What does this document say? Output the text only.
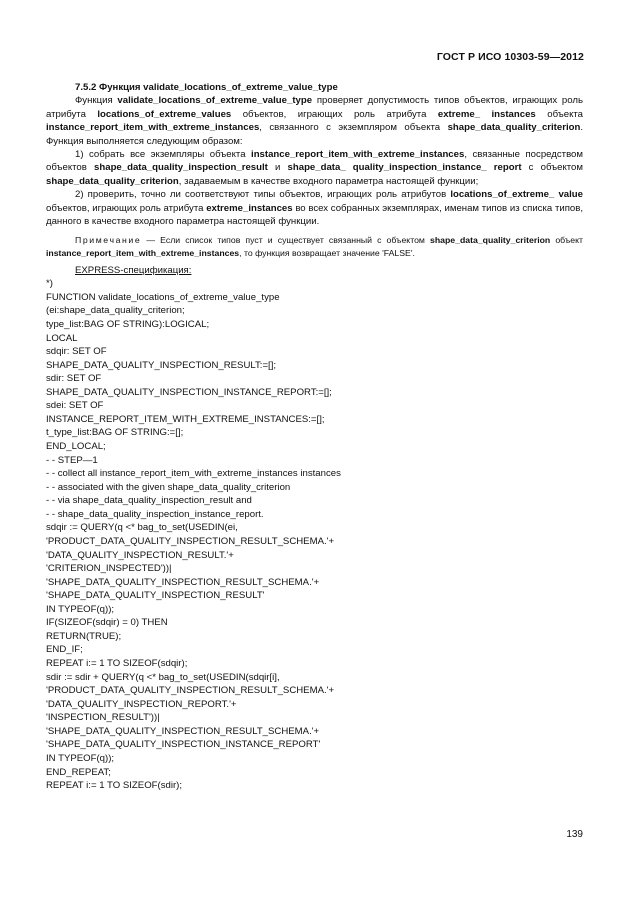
ГОСТ Р ИСО 10303-59—2012

7.5.2 Функция validate_locations_of_extreme_value_type

Функция validate_locations_of_extreme_value_type проверяет допустимость типов объектов, играющих роль атрибута locations_of_extreme_values объектов, играющих роль атрибута extreme_ instances объекта instance_report_item_with_extreme_instances, связанного с экземпляром объекта shape_data_quality_criterion. Функция выполняется следующим образом:

1) собрать все экземпляры объекта instance_report_item_with_extreme_instances, связанные посредством объектов shape_data_quality_inspection_result и shape_data_ quality_inspection_instance_ report с объектом shape_data_quality_criterion, задаваемым в качестве входного параметра настоящей функции;

2) проверить, точно ли соответствуют типы объектов, играющих роль атрибутов locations_of_extreme_ value объектов, играющих роль атрибута extreme_instances во всех собранных экземплярах, именам типов из списка типов, данного в качестве входного параметра настоящей функции.

Примечание — Если список типов пуст и существует связанный с объектом shape_data_quality_criterion объект instance_report_item_with_extreme_instances, то функция возвращает значение 'FALSE'.

EXPRESS-спецификация:

*)
FUNCTION validate_locations_of_extreme_value_type
(ei:shape_data_quality_criterion;
type_list:BAG OF STRING):LOGICAL;
LOCAL
sdqir: SET OF
SHAPE_DATA_QUALITY_INSPECTION_RESULT:=[];
sdir: SET OF
SHAPE_DATA_QUALITY_INSPECTION_INSTANCE_REPORT:=[];
sdei: SET OF
INSTANCE_REPORT_ITEM_WITH_EXTREME_INSTANCES:=[];
t_type_list:BAG OF STRING:=[];
END_LOCAL;
- - STEP—1
- - collect all instance_report_item_with_extreme_instances instances
- - associated with the given shape_data_quality_criterion
- - via shape_data_quality_inspection_result and
- - shape_data_quality_inspection_instance_report.
sdqir := QUERY(q <* bag_to_set(USEDIN(ei,
'PRODUCT_DATA_QUALITY_INSPECTION_RESULT_SCHEMA.'+
'DATA_QUALITY_INSPECTION_RESULT.'+
'CRITERION_INSPECTED'))|
'SHAPE_DATA_QUALITY_INSPECTION_RESULT_SCHEMA.'+
'SHAPE_DATA_QUALITY_INSPECTION_RESULT'
IN TYPEOF(q));
IF(SIZEOF(sdqir) = 0) THEN
RETURN(TRUE);
END_IF;
REPEAT i:= 1 TO SIZEOF(sdqir);
sdir := sdir + QUERY(q <* bag_to_set(USEDIN(sdqir[i],
'PRODUCT_DATA_QUALITY_INSPECTION_RESULT_SCHEMA.'+
'DATA_QUALITY_INSPECTION_REPORT.'+
'INSPECTION_RESULT'))|
'SHAPE_DATA_QUALITY_INSPECTION_RESULT_SCHEMA.'+
'SHAPE_DATA_QUALITY_INSPECTION_INSTANCE_REPORT'
IN TYPEOF(q));
END_REPEAT;
REPEAT i:= 1 TO SIZEOF(sdir);
139
